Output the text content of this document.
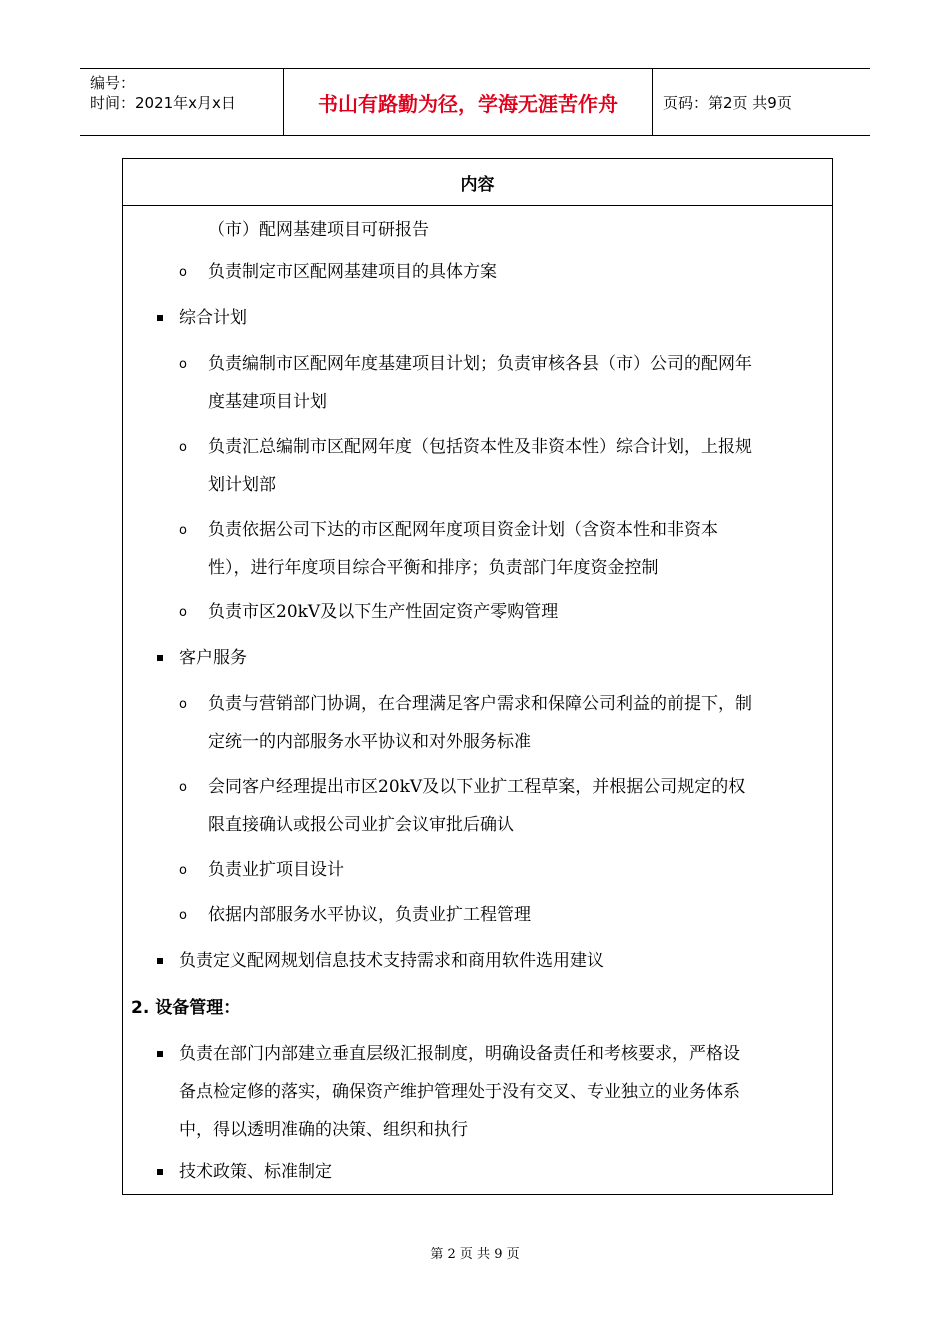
编号：
时间：2021年x月x日	书山有路勤为径，学海无涯苦作舟	页码：第2页 共9页
内容
（市）配网基建项目可研报告
o 负责制定市区配网基建项目的具体方案
综合计划
o 负责编制市区配网年度基建项目计划；负责审核各县（市）公司的配网年
度基建项目计划
o 负责汇总编制市区配网年度（包括资本性及非资本性）综合计划，上报规
划计划部
o 负责依据公司下达的市区配网年度项目资金计划（含资本性和非资本
性），进行年度项目综合平衡和排序；负责部门年度资金控制
o 负责市区20kV及以下生产性固定资产零购管理
客户服务
o 负责与营销部门协调，在合理满足客户需求和保障公司利益的前提下，制
定统一的内部服务水平协议和对外服务标准
o 会同客户经理提出市区20kV及以下业扩工程草案，并根据公司规定的权
限直接确认或报公司业扩会议审批后确认
o 负责业扩项目设计
o 依据内部服务水平协议，负责业扩工程管理
负责定义配网规划信息技术支持需求和商用软件选用建议
2. 设备管理：
负责在部门内部建立垂直层级汇报制度，明确设备责任和考核要求，严格设
备点检定修的落实，确保资产维护管理处于没有交叉、专业独立的业务体系
中，得以透明准确的决策、组织和执行
技术政策、标准制定
第 2 页 共 9 页
